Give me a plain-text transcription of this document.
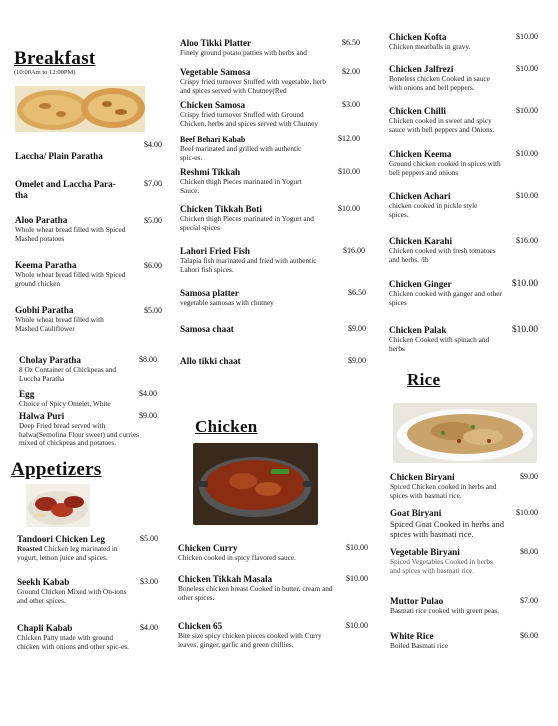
Breakfast
(10:00Am to 12:00PM)
Laccha/ Plain Paratha
$4.00
Omelet and Laccha Para-tha
$7.00
Aloo Paratha
Whole wheat bread filled with Spiced Mashed potatoes
$5.00
Keema Paratha
Whole wheat bread filled with Spiced ground chicken
$6.00
Gobhi Paratha
Whole wheat bread filled with Mashed Cauliflower
$5.00
Cholay Paratha
8 Oz Container of Chickpeas and Luccha Paratha
$8.00
Egg
Choice of Spicy Omelet, White
$4.00
Halwa Puri
Deep Fried bread served with halwa(Semolina Flour sweet) and curries mixed of chickpeas and potatoes.
$9.00
Appetizers
Tandoori Chicken Leg
Roasted Chicken leg marinated in yogurt, lemon juice and spices.
$5.00
Seekh Kabab
Ground Chicken Mixed with On-ions and other spices.
$3.00
Chapli Kabab
Chicken Patty made with ground chicken with onions and other spic-es.
$4.00
Aloo Tikki Platter
Finely ground potato patties with herbs and
$6.50
Vegetable Samosa
Crispy fried turnover Stuffed with vegetable, herb and spices served with Chutney(Red
$2.00
Chicken Samosa
Crispy fried turnover Stuffed with Ground Chicken, herbs and spices served with Chutney
$3.00
Beef Behari Kabab
Beef marinated and grilled with authentic spic-es.
$12.00
Reshmi Tikkah
Chicken thigh Pieces marinated in Yogurt Sauce.
$10.00
Chicken Tikkah Boti
Chicken thigh Pieces marinated in Yogurt and special spices
$10.00
Lahori Fried Fish
Talapia fish marinated and fried with authentic Lahori fish spices.
$16.00
Samosa platter
vegetable samosas with chutney
$6.50
Samosa chaat	$9.00
Allo tikki chaat	$9.00
Chicken
Chicken Curry
Chicken cooked in spicy flavored sauce.
$10.00
Chicken Tikkah Masala
Boneless chicken breast Cooked in butter, cream and other spices.
$10.00
Chicken 65
Bite size spicy chicken pieces cooked with Curry leaves, ginger, garlic and green chillies.
$10.00
Chicken Kofta
Chicken meatballs in gravy.
$10.00
Chicken Jalfrezi
Boneless chicken Cooked in sauce with onions and bell peppers.
$10.00
Chicken Chilli
Chicken cooked in sweet and spicy sauce with bell peppers and Onions.
$10.00
Chicken Keema
Ground chicken cooked in spices with bell peppers and onions
$10.00
Chicken Achari
chicken cooked in pickle style spices.
$10.00
Chicken Karahi
Chicken cooked with fresh tomatoes and herbs. /lb
$16.00
Chicken Ginger
Chicken cooked with ganger and other spices
$10.00
Chicken Palak
Chicken Cooked with spinach and herbs
$10.00
Rice
Chicken Biryani
Spiced Chicken cooked in herbs and spices with basmati rice.
$9.00
Goat Biryani
Spiced Goat Cooked in herbs and spices with basmati rice.
$10.00
Vegetable Biryani
Spiced Vegetables Cooked in herbs and spices with basmati rice.
$8.00
Muttor Pulao
Basmati rice cooked with green peas.
$7.00
White Rice
Boiled Basmati rice
$6.00
